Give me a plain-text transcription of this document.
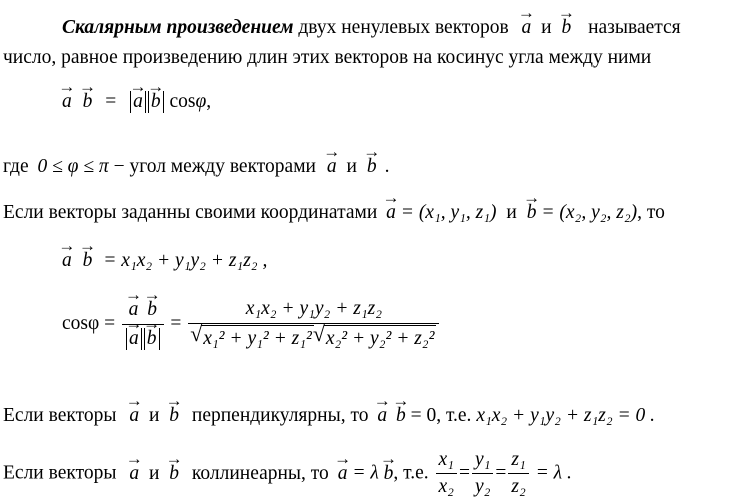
Скалярным произведением двух ненулевых векторов → a и → b называется
число, равное произведению длин этих векторов на косинус угла между ними
→ a → b = → a → b cosφ,
где 0 ≤ φ ≤ π − угол между векторами → a и → b .
Если векторы заданны своими координатами → a = (x₁, y₁, z₁) и → b = (x₂, y₂, z₂), то
→ a → b = x₁x₂ + y₁y₂ + z₁z₂ ,
cosφ = → a → b
→ a → b = x₁x₂ + y₁y₂ + z₁z₂
√ x₁² + y₁² + z₁² √ x₂² + y₂² + z₂²
Если векторы → a и → b перпендикулярны, то → a → b = 0, т.е. x₁x₂ + y₁y₂ + z₁z₂ = 0 .
Если векторы → a и → b коллинеарны, то → a = λ → b, т.е. $\frac{\text{x₁}}{\text{x₂}} = \frac{\text{y₁}}{\text{y₂}} = \frac{\text{z₁}}{\text{z₂}} = \lambda$ .
